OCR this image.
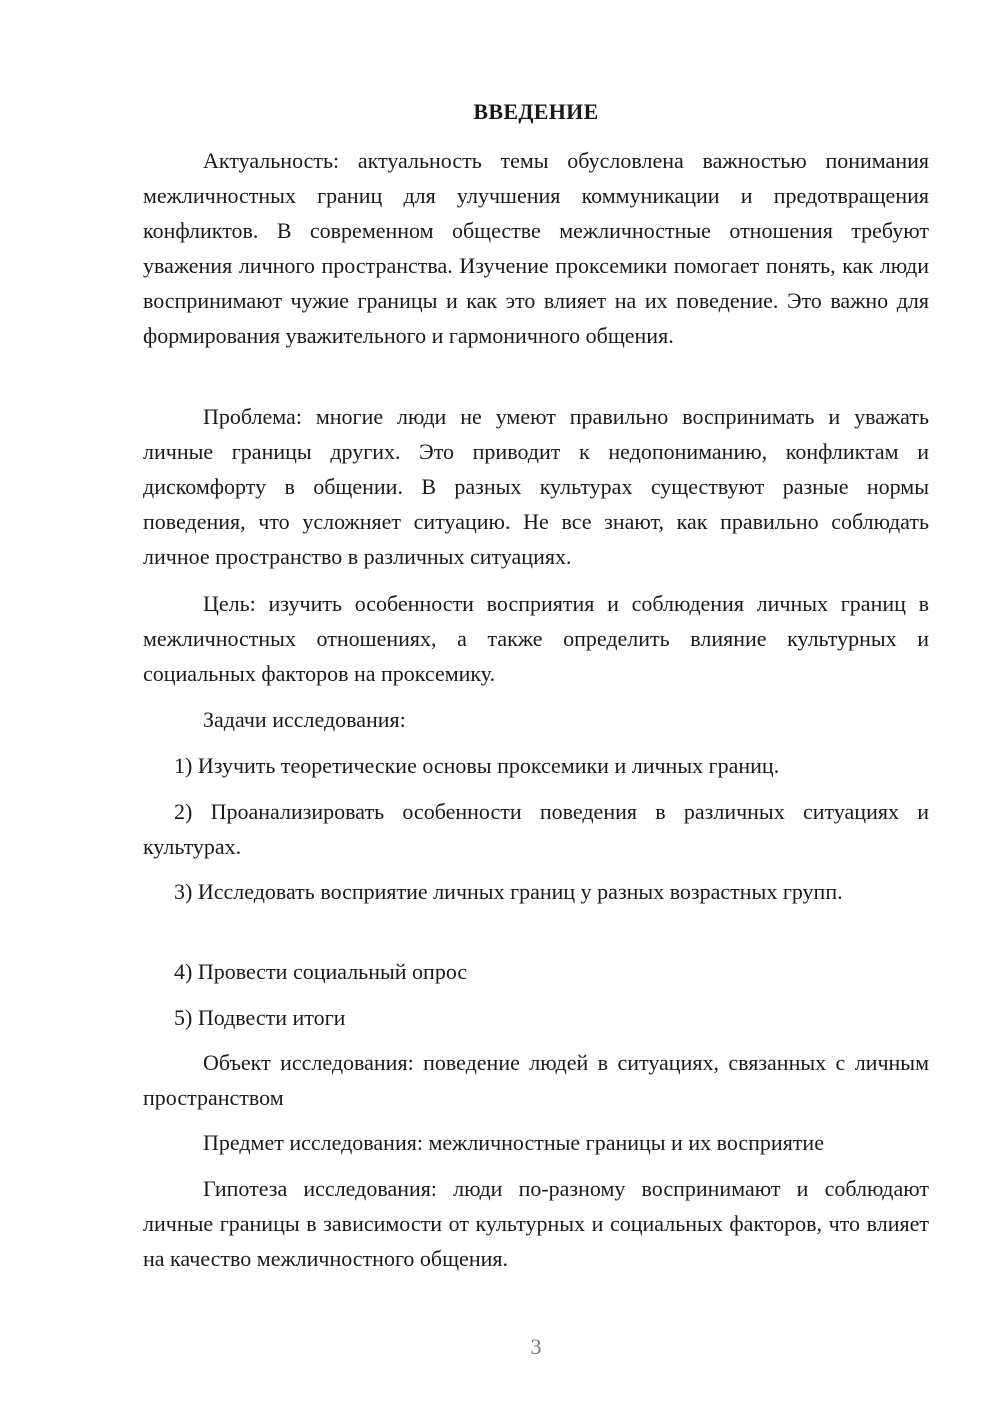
ВВЕДЕНИЕ
Актуальность: актуальность темы обусловлена важностью понимания межличностных границ для улучшения коммуникации и предотвращения конфликтов. В современном обществе межличностные отношения требуют уважения личного пространства. Изучение проксемики помогает понять, как люди воспринимают чужие границы и как это влияет на их поведение. Это важно для формирования уважительного и гармоничного общения.
Проблема: многие люди не умеют правильно воспринимать и уважать личные границы других. Это приводит к недопониманию, конфликтам и дискомфорту в общении. В разных культурах существуют разные нормы поведения, что усложняет ситуацию. Не все знают, как правильно соблюдать личное пространство в различных ситуациях.
Цель: изучить особенности восприятия и соблюдения личных границ в межличностных отношениях, а также определить влияние культурных и социальных факторов на проксемику.
Задачи исследования:
1) Изучить теоретические основы проксемики и личных границ.
2) Проанализировать особенности поведения в различных ситуациях и культурах.
3) Исследовать восприятие личных границ у разных возрастных групп.
4) Провести социальный опрос
5) Подвести итоги
Объект исследования: поведение людей в ситуациях, связанных с личным пространством
Предмет исследования: межличностные границы и их восприятие
Гипотеза исследования: люди по-разному воспринимают и соблюдают личные границы в зависимости от культурных и социальных факторов, что влияет на качество межличностного общения.
3
